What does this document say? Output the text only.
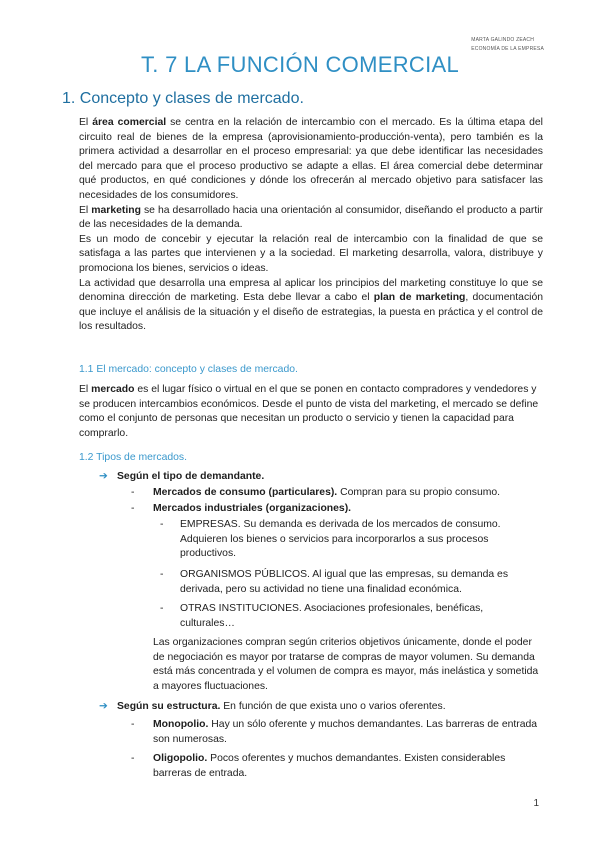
MARTA GALINDO ZEACH
ECONOMÍA DE LA EMPRESA
T. 7 LA FUNCIÓN COMERCIAL
1. Concepto y clases de mercado.
El área comercial se centra en la relación de intercambio con el mercado. Es la última etapa del circuito real de bienes de la empresa (aprovisionamiento-producción-venta), pero también es la primera actividad a desarrollar en el proceso empresarial: ya que debe identificar las necesidades del mercado para que el proceso productivo se adapte a ellas. El área comercial debe determinar qué productos, en qué condiciones y dónde los ofrecerán al mercado objetivo para satisfacer las necesidades de los consumidores.
El marketing se ha desarrollado hacia una orientación al consumidor, diseñando el producto a partir de las necesidades de la demanda.
Es un modo de concebir y ejecutar la relación real de intercambio con la finalidad de que se satisfaga a las partes que intervienen y a la sociedad. El marketing desarrolla, valora, distribuye y promociona los bienes, servicios o ideas.
La actividad que desarrolla una empresa al aplicar los principios del marketing constituye lo que se denomina dirección de marketing. Esta debe llevar a cabo el plan de marketing, documentación que incluye el análisis de la situación y el diseño de estrategias, la puesta en práctica y el control de los resultados.
1.1 El mercado: concepto y clases de mercado.
El mercado es el lugar físico o virtual en el que se ponen en contacto compradores y vendedores y se producen intercambios económicos. Desde el punto de vista del marketing, el mercado se define como el conjunto de personas que necesitan un producto o servicio y tienen la capacidad para comprarlo.
1.2 Tipos de mercados.
➔ Según el tipo de demandante.
- Mercados de consumo (particulares). Compran para su propio consumo.
- Mercados industriales (organizaciones).
-	EMPRESAS. Su demanda es derivada de los mercados de consumo. Adquieren los bienes o servicios para incorporarlos a sus procesos productivos.
-	ORGANISMOS PÚBLICOS. Al igual que las empresas, su demanda es derivada, pero su actividad no tiene una finalidad económica.
-	OTRAS INSTITUCIONES. Asociaciones profesionales, benéficas, culturales…
Las organizaciones compran según criterios objetivos únicamente, donde el poder de negociación es mayor por tratarse de compras de mayor volumen. Su demanda está más concentrada y el volumen de compra es mayor, más inelástica y sometida a mayores fluctuaciones.
➔ Según su estructura. En función de que exista uno o varios oferentes.
-	Monopolio. Hay un sólo oferente y muchos demandantes. Las barreras de entrada son numerosas.
-	Oligopolio. Pocos oferentes y muchos demandantes. Existen considerables barreras de entrada.
1
